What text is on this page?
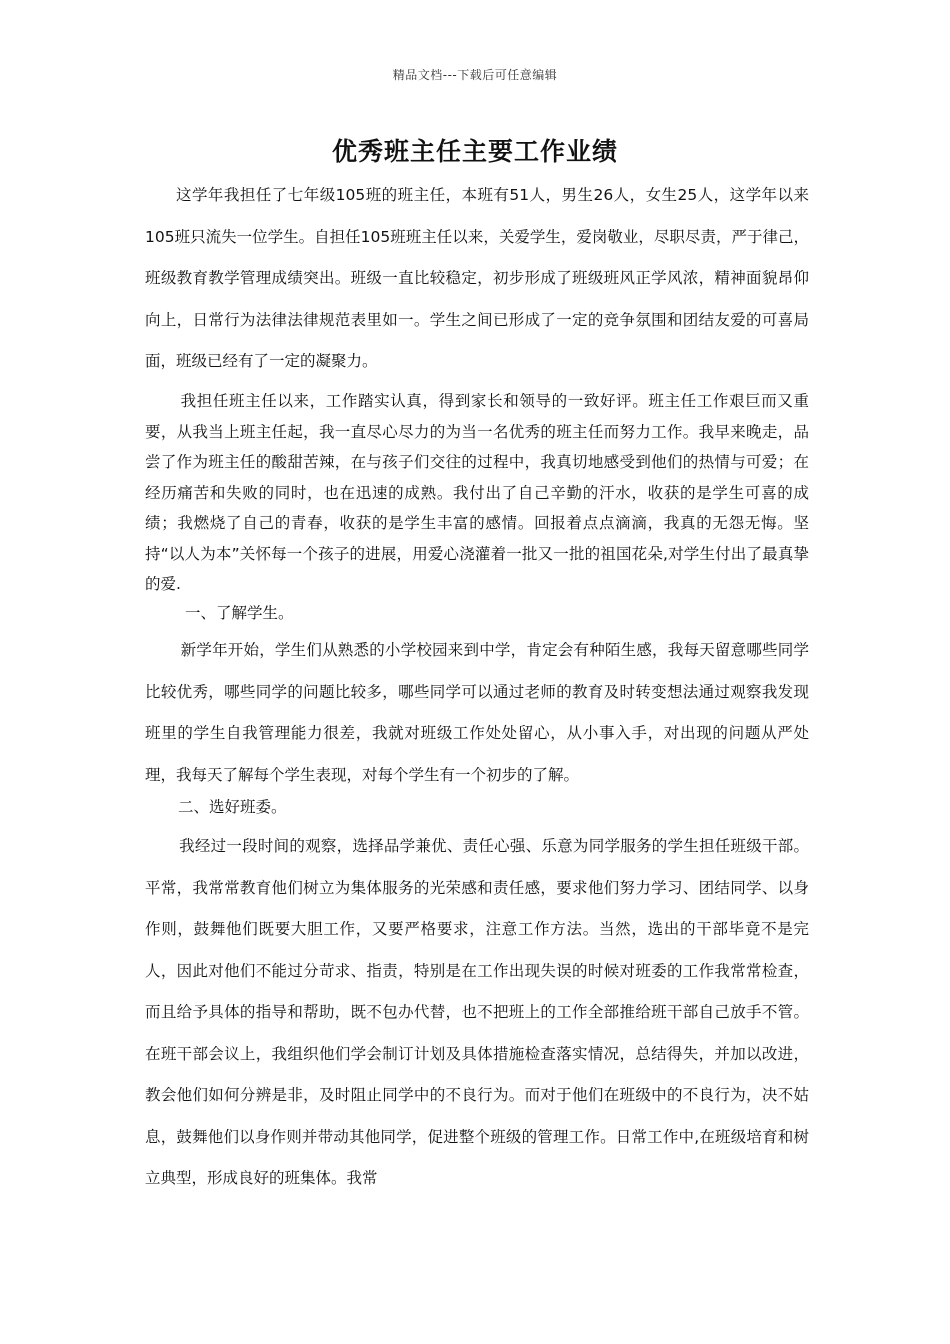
精品文档---下载后可任意编辑
优秀班主任主要工作业绩

这学年我担任了七年级105班的班主任，本班有51人，男生26人，女生25人，这学年以来105班只流失一位学生。自担任105班班主任以来，关爱学生，爱岗敬业，尽职尽责，严于律己，班级教育教学管理成绩突出。班级一直比较稳定，初步形成了班级班风正学风浓，精神面貌昂仰向上，日常行为法律法律规范表里如一。学生之间已形成了一定的竞争氛围和团结友爱的可喜局面，班级已经有了一定的凝聚力。

我担任班主任以来，工作踏实认真，得到家长和领导的一致好评。班主任工作艰巨而又重要，从我当上班主任起，我一直尽心尽力的为当一名优秀的班主任而努力工作。我早来晚走，品尝了作为班主任的酸甜苦辣，在与孩子们交往的过程中，我真切地感受到他们的热情与可爱；在经历痛苦和失败的同时，也在迅速的成熟。我付出了自己辛勤的汗水，收获的是学生可喜的成绩；我燃烧了自己的青春，收获的是学生丰富的感情。回报着点点滴滴，我真的无怨无悔。坚持“以人为本”关怀每一个孩子的进展，用爱心浇灌着一批又一批的祖国花朵,对学生付出了最真挚的爱.

一、了解学生。

新学年开始，学生们从熟悉的小学校园来到中学，肯定会有种陌生感，我每天留意哪些同学比较优秀，哪些同学的问题比较多，哪些同学可以通过老师的教育及时转变想法通过观察我发现班里的学生自我管理能力很差，我就对班级工作处处留心，从小事入手，对出现的问题从严处理，我每天了解每个学生表现，对每个学生有一个初步的了解。

二、选好班委。

我经过一段时间的观察，选择品学兼优、责任心强、乐意为同学服务的学生担任班级干部。平常，我常常教育他们树立为集体服务的光荣感和责任感，要求他们努力学习、团结同学、以身作则，鼓舞他们既要大胆工作，又要严格要求，注意工作方法。当然，选出的干部毕竟不是完人，因此对他们不能过分苛求、指责，特别是在工作出现失误的时候对班委的工作我常常检查，而且给予具体的指导和帮助，既不包办代替，也不把班上的工作全部推给班干部自己放手不管。在班干部会议上，我组织他们学会制订计划及具体措施检查落实情况，总结得失，并加以改进，教会他们如何分辨是非，及时阻止同学中的不良行为。而对于他们在班级中的不良行为，决不姑息，鼓舞他们以身作则并带动其他同学，促进整个班级的管理工作。日常工作中,在班级培育和树立典型，形成良好的班集体。我常
